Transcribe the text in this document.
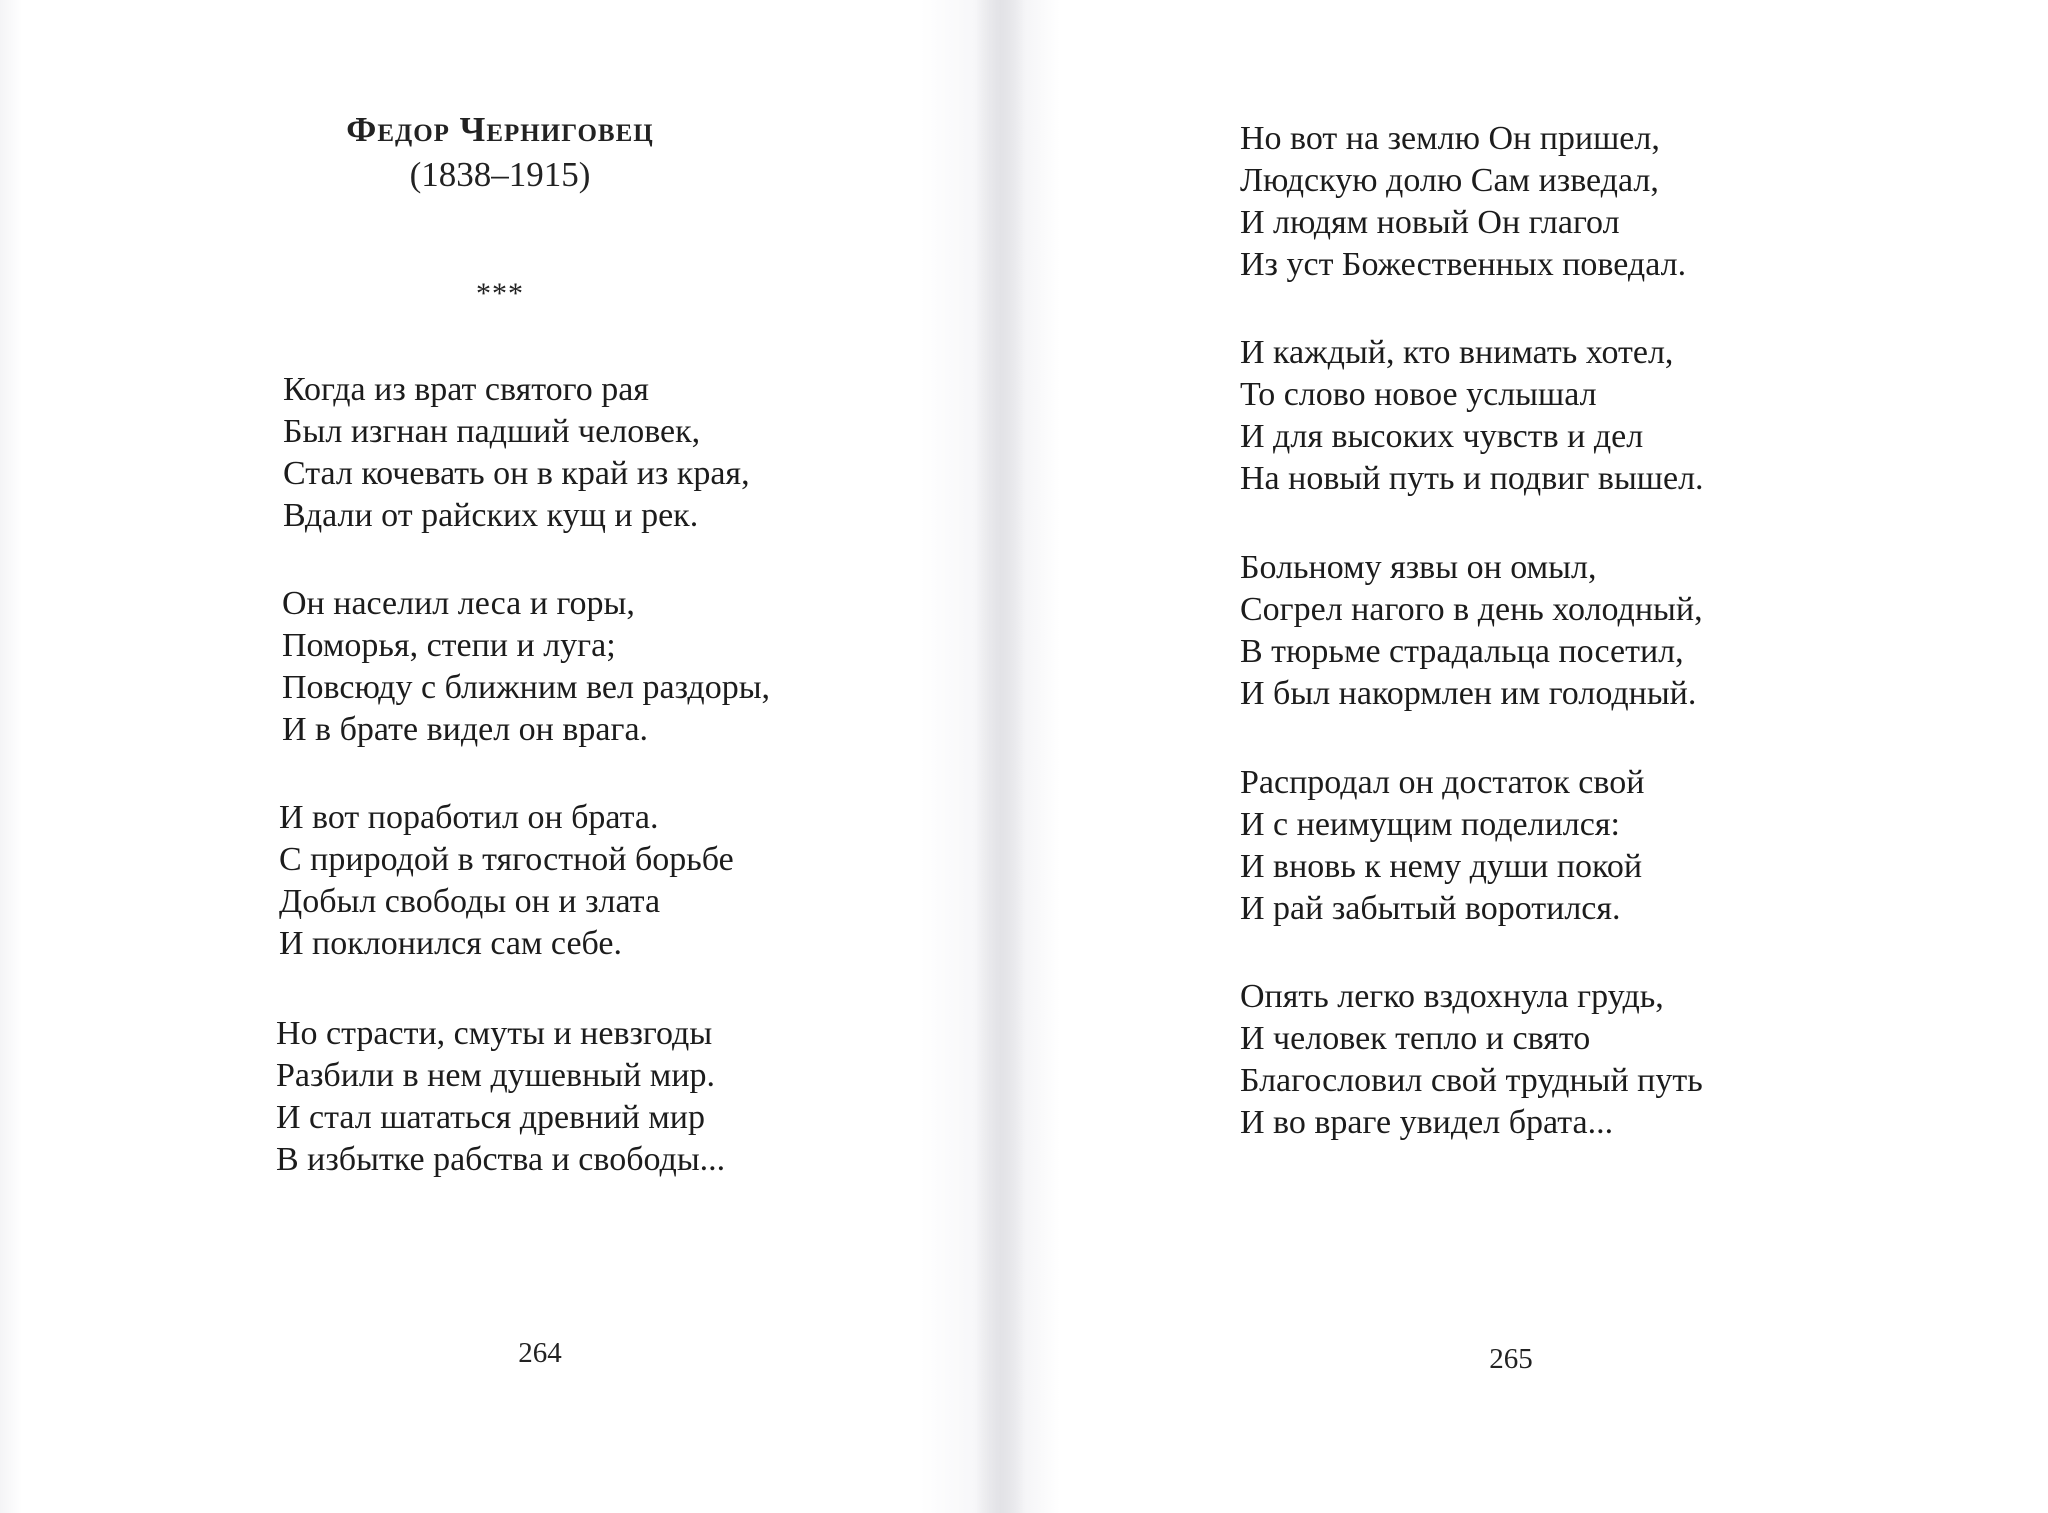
Федор Черниговец
(1838–1915)
***
Когда из врат святого рая
Был изгнан падший человек,
Стал кочевать он в край из края,
Вдали от райских кущ и рек.
Он населил леса и горы,
Поморья, степи и луга;
Повсюду с ближним вел раздоры,
И в брате видел он врага.
И вот поработил он брата.
С природой в тягостной борьбе
Добыл свободы он и злата
И поклонился сам себе.
Но страсти, смуты и невзгоды
Разбили в нем душевный мир.
И стал шататься древний мир
В избытке рабства и свободы...
264
Но вот на землю Он пришел,
Людскую долю Сам изведал,
И людям новый Он глагол
Из уст Божественных поведал.
И каждый, кто внимать хотел,
То слово новое услышал
И для высоких чувств и дел
На новый путь и подвиг вышел.
Больному язвы он омыл,
Согрел нагого в день холодный,
В тюрьме страдальца посетил,
И был накормлен им голодный.
Распродал он достаток свой
И с неимущим поделился:
И вновь к нему души покой
И рай забытый воротился.
Опять легко вздохнула грудь,
И человек тепло и свято
Благословил свой трудный путь
И во враге увидел брата...
265
